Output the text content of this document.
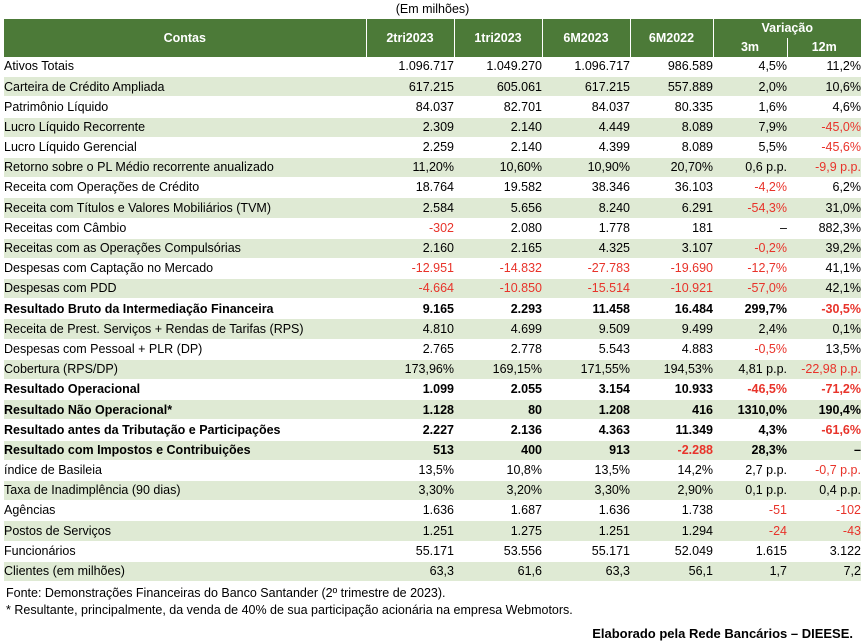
(Em milhões)
Contas	2tri2023	1tri2023	6M2023	6M2022	Variação	
					3m	12m
Ativos Totais	1.096.717	1.049.270	1.096.717	986.589	4,5%	11,2%
Carteira de Crédito Ampliada	617.215	605.061	617.215	557.889	2,0%	10,6%
Patrimônio Líquido	84.037	82.701	84.037	80.335	1,6%	4,6%
Lucro Líquido Recorrente	2.309	2.140	4.449	8.089	7,9%	-45,0%
Lucro Líquido Gerencial	2.259	2.140	4.399	8.089	5,5%	-45,6%
Retorno sobre o PL Médio recorrente anualizado	11,20%	10,60%	10,90%	20,70%	0,6 p.p.	-9,9 p.p.
Receita com Operações de Crédito	18.764	19.582	38.346	36.103	-4,2%	6,2%
Receita com Títulos e Valores Mobiliários (TVM)	2.584	5.656	8.240	6.291	-54,3%	31,0%
Receitas com Câmbio	-302	2.080	1.778	181	–	882,3%
Receitas com as Operações Compulsórias	2.160	2.165	4.325	3.107	-0,2%	39,2%
Despesas com Captação no Mercado	-12.951	-14.832	-27.783	-19.690	-12,7%	41,1%
Despesas com PDD	-4.664	-10.850	-15.514	-10.921	-57,0%	42,1%
Resultado Bruto da Intermediação Financeira	9.165	2.293	11.458	16.484	299,7%	-30,5%
Receita de Prest. Serviços + Rendas de Tarifas (RPS)	4.810	4.699	9.509	9.499	2,4%	0,1%
Despesas com Pessoal + PLR (DP)	2.765	2.778	5.543	4.883	-0,5%	13,5%
Cobertura (RPS/DP)	173,96%	169,15%	171,55%	194,53%	4,81 p.p.	-22,98 p.p.
Resultado Operacional	1.099	2.055	3.154	10.933	-46,5%	-71,2%
Resultado Não Operacional*	1.128	80	1.208	416	1310,0%	190,4%
Resultado antes da Tributação e Participações	2.227	2.136	4.363	11.349	4,3%	-61,6%
Resultado com Impostos e Contribuições	513	400	913	-2.288	28,3%	–
índice de Basileia	13,5%	10,8%	13,5%	14,2%	2,7 p.p.	-0,7 p.p.
Taxa de Inadimplência (90 dias)	3,30%	3,20%	3,30%	2,90%	0,1 p.p.	0,4 p.p.
Agências	1.636	1.687	1.636	1.738	-51	-102
Postos de Serviços	1.251	1.275	1.251	1.294	-24	-43
Funcionários	55.171	53.556	55.171	52.049	1.615	3.122
Clientes (em milhões)	63,3	61,6	63,3	56,1	1,7	7,2
Fonte: Demonstrações Financeiras do Banco Santander (2º trimestre de 2023).
* Resultante, principalmente, da venda de 40% de sua participação acionária na empresa Webmotors.
Elaborado pela Rede Bancários – DIEESE.
